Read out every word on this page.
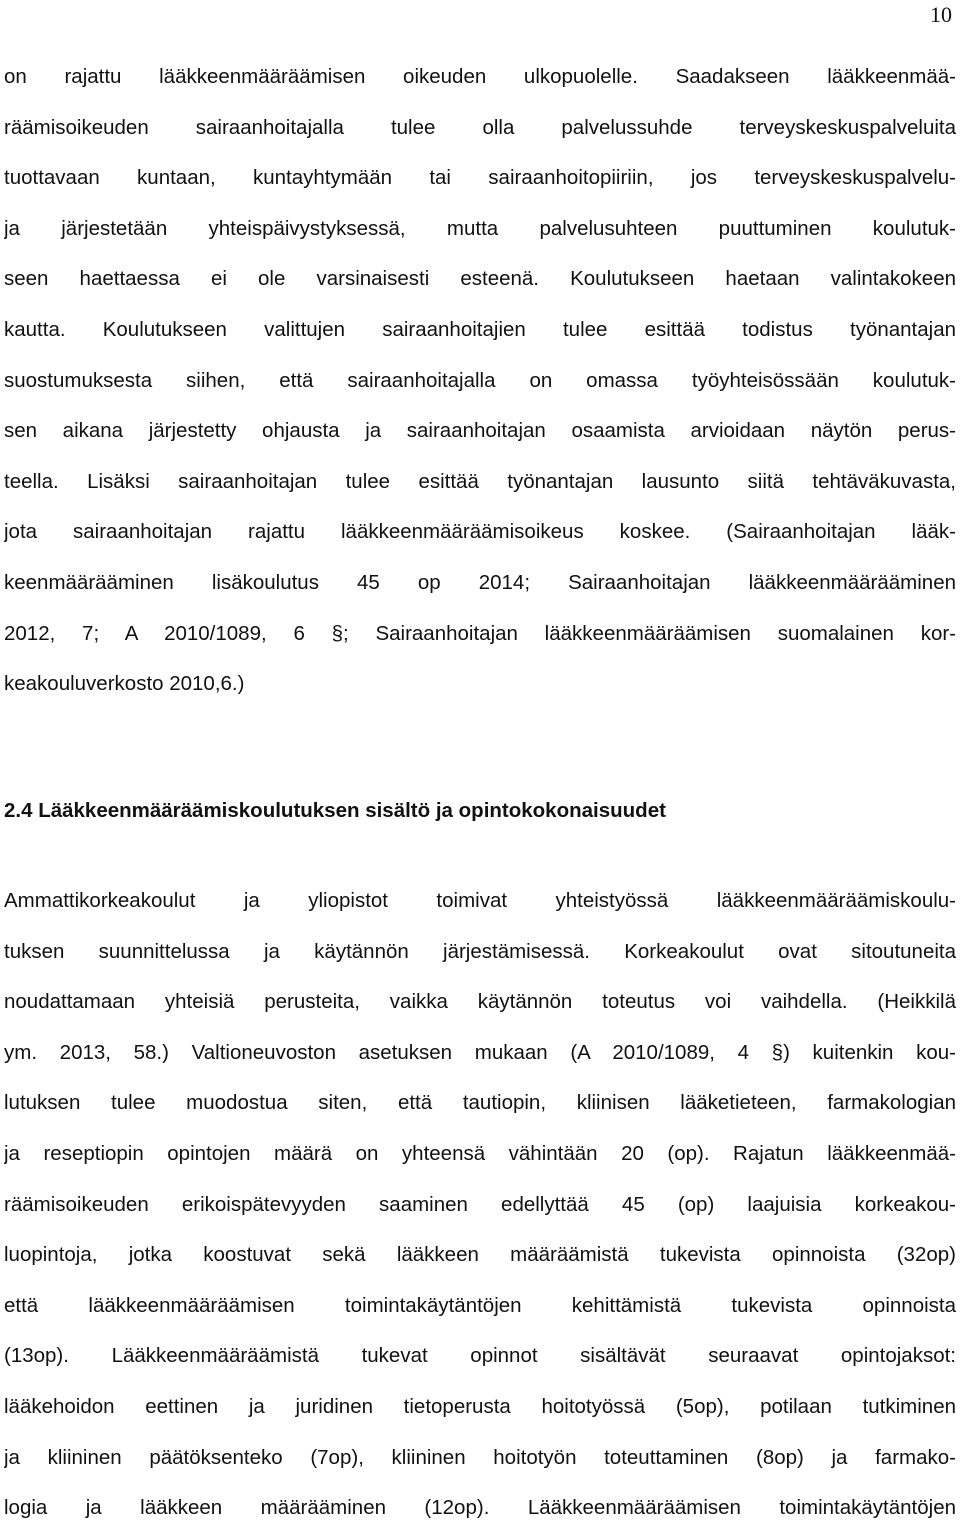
10
on rajattu lääkkeenmääräämisen oikeuden ulkopuolelle. Saadakseen lääkkeenmää-
räämisoikeuden sairaanhoitajalla tulee olla palvelussuhde terveyskeskuspalveluita
tuottavaan kuntaan, kuntayhtymään tai sairaanhoitopiiriin, jos terveyskeskuspalvelu-
ja järjestetään yhteispäivystyksessä, mutta palvelusuhteen puuttuminen koulutuk-
seen haettaessa ei ole varsinaisesti esteenä. Koulutukseen haetaan valintakokeen
kautta. Koulutukseen valittujen sairaanhoitajien tulee esittää todistus työnantajan
suostumuksesta siihen, että sairaanhoitajalla on omassa työyhteisössään koulutuk-
sen aikana järjestetty ohjausta ja sairaanhoitajan osaamista arvioidaan näytön perus-
teella. Lisäksi sairaanhoitajan tulee esittää työnantajan lausunto siitä tehtäväkuvasta,
jota sairaanhoitajan rajattu lääkkeenmääräämisoikeus koskee. (Sairaanhoitajan lääk-
keenmäärääminen lisäkoulutus 45 op 2014; Sairaanhoitajan lääkkeenmäärääminen
2012, 7; A 2010/1089, 6 §; Sairaanhoitajan lääkkeenmääräämisen suomalainen kor-
keakouluverkosto 2010,6.)
2.4 Lääkkeenmääräämiskoulutuksen sisältö ja opintokokonaisuudet
Ammattikorkeakoulut ja yliopistot toimivat yhteistyössä lääkkeenmääräämiskoulu-
tuksen suunnittelussa ja käytännön järjestämisessä. Korkeakoulut ovat sitoutuneita
noudattamaan yhteisiä perusteita, vaikka käytännön toteutus voi vaihdella. (Heikkilä
ym. 2013, 58.) Valtioneuvoston asetuksen mukaan (A 2010/1089, 4 §) kuitenkin kou-
lutuksen tulee muodostua siten, että tautiopin, kliinisen lääketieteen, farmakologian
ja reseptiopin opintojen määrä on yhteensä vähintään 20 (op). Rajatun lääkkeenmää-
räämisoikeuden erikoispätevyyden saaminen edellyttää 45 (op) laajuisia korkeakou-
luopintoja, jotka koostuvat sekä lääkkeen määräämistä tukevista opinnoista (32op)
että lääkkeenmääräämisen toimintakäytäntöjen kehittämistä tukevista opinnoista
(13op). Lääkkeenmääräämistä tukevat opinnot sisältävät seuraavat opintojaksot:
lääkehoidon eettinen ja juridinen tietoperusta hoitotyössä (5op), potilaan tutkiminen
ja kliininen päätöksenteko (7op), kliininen hoitotyön toteuttaminen (8op) ja farmako-
logia ja lääkkeen määrääminen (12op). Lääkkeenmääräämisen toimintakäytäntöjen
